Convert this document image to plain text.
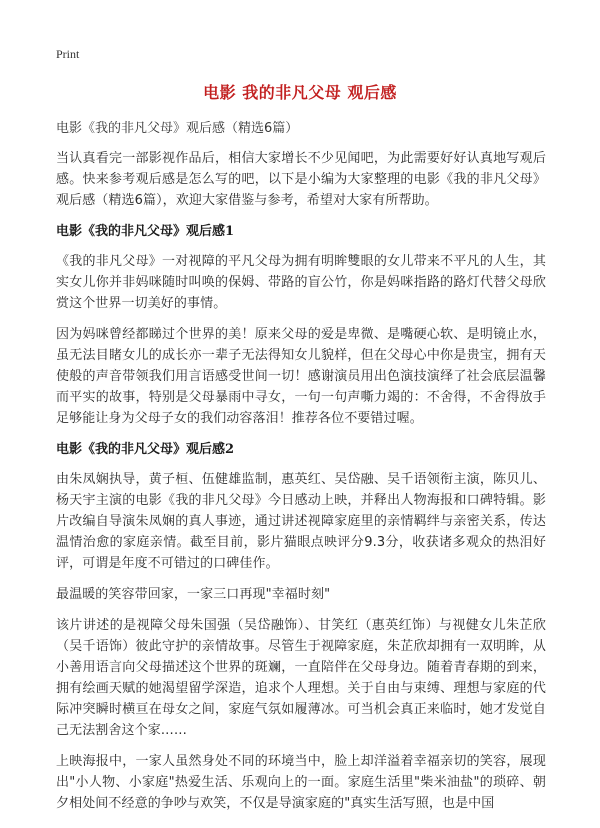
Print
电影 我的非凡父母 观后感
电影《我的非凡父母》观后感（精选6篇）

当认真看完一部影视作品后，相信大家增长不少见闻吧，为此需要好好认真地写观后感。快来参考观后感是怎么写的吧，以下是小编为大家整理的电影《我的非凡父母》观后感（精选6篇），欢迎大家借鉴与参考，希望对大家有所帮助。

电影《我的非凡父母》观后感1

《我的非凡父母》一对视障的平凡父母为拥有明眸雙眼的女儿带来不平凡的人生，其实女儿你并非妈咪随时叫唤的保姆、带路的盲公竹，你是妈咪指路的路灯代替父母欣赏这个世界一切美好的事情。

因为妈咪曾经都睇过个世界的美！原来父母的爱是卑微、是嘴硬心软、是明镜止水，虽无法目睹女儿的成长亦一辈子无法得知女儿貌样，但在父母心中你是贵宝，拥有天使般的声音带领我们用言语感受世间一切！感谢演员用出色演技演绎了社会底层温馨而平实的故事，特别是父母暴雨中寻女，一句一句声嘶力竭的：不舍得，不舍得放手足够能让身为父母子女的我们动容落泪！推荐各位不要错过喔。

电影《我的非凡父母》观后感2

由朱凤娴执导，黄子桓、伍健雄监制，惠英红、吴岱融、吴千语领衔主演，陈贝儿、杨天宇主演的电影《我的非凡父母》今日感动上映，并释出人物海报和口碑特辑。影片改编自导演朱凤娴的真人事迹，通过讲述视障家庭里的亲情羁绊与亲密关系，传达温情治愈的家庭亲情。截至目前，影片猫眼点映评分9.3分，收获诸多观众的热泪好评，可谓是年度不可错过的口碑佳作。

最温暖的笑容带回家，一家三口再现"幸福时刻"

该片讲述的是视障父母朱国强（吴岱融饰）、甘笑红（惠英红饰）与视健女儿朱芷欣（吴千语饰）彼此守护的亲情故事。尽管生于视障家庭，朱芷欣却拥有一双明眸，从小善用语言向父母描述这个世界的斑斓，一直陪伴在父母身边。随着青春期的到来，拥有绘画天赋的她渴望留学深造，追求个人理想。关于自由与束缚、理想与家庭的代际冲突瞬时横亘在母女之间，家庭气氛如履薄冰。可当机会真正来临时，她才发觉自己无法割舍这个家……

上映海报中，一家人虽然身处不同的环境当中，脸上却洋溢着幸福亲切的笑容，展现出"小人物、小家庭"热爱生活、乐观向上的一面。家庭生活里"柴米油盐"的琐碎、朝夕相处间不经意的争吵与欢笑，不仅是导演家庭的"真实生活写照，也是中国
